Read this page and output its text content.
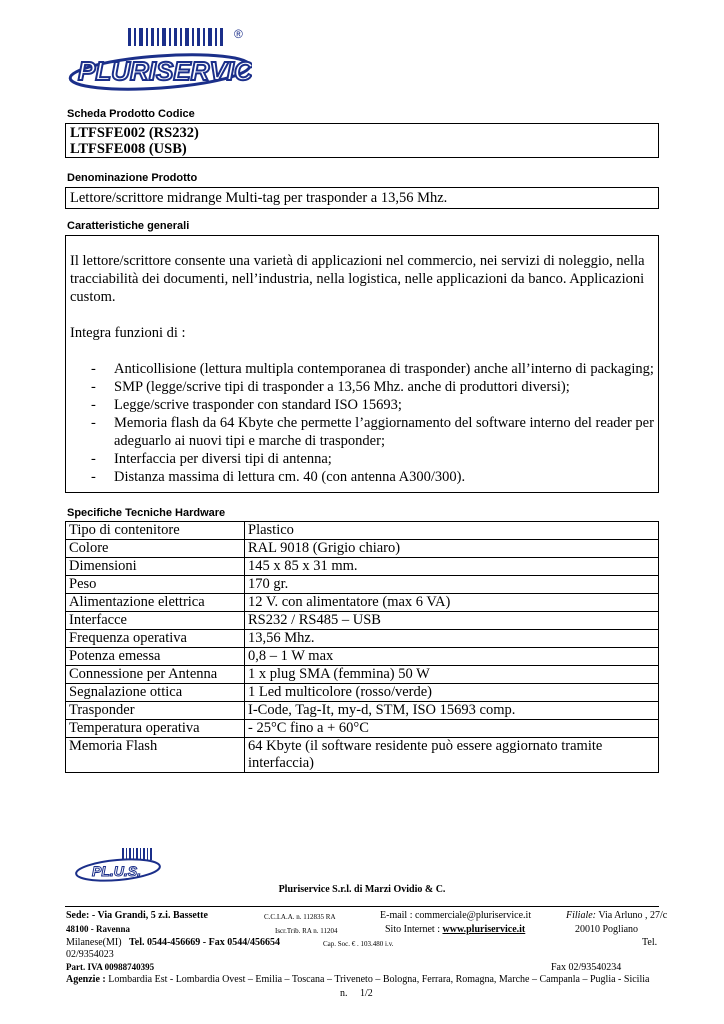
PLURISERVICE
®
Scheda Prodotto Codice
LTFSFE002 (RS232)
LTFSFE008 (USB)
Denominazione Prodotto
Lettore/scrittore midrange Multi-tag per trasponder a 13,56 Mhz.
Caratteristiche generali

Il lettore/scrittore consente una varietà di applicazioni nel commercio, nei servizi di noleggio, nella tracciabilità dei documenti, nell’industria, nella logistica, nelle applicazioni da banco. Applicazioni custom.

Integra funzioni di :

- Anticollisione (lettura multipla contemporanea di trasponder) anche all’interno di packaging;
- SMP (legge/scrive tipi di trasponder a 13,56 Mhz. anche di produttori diversi);
- Legge/scrive trasponder con standard ISO 15693;
- Memoria flash da 64 Kbyte che permette l’aggiornamento del software interno del reader per adeguarlo ai nuovi tipi e marche di trasponder;
- Interfaccia per diversi tipi di antenna;
- Distanza massima di lettura cm. 40 (con antenna A300/300).
Specifiche Tecniche Hardware
Tipo di contenitore	Plastico
Colore	RAL 9018 (Grigio chiaro)
Dimensioni	145 x 85 x 31 mm.
Peso	170 gr.
Alimentazione elettrica	12 V. con alimentatore (max 6 VA)
Interfacce	RS232 / RS485 – USB
Frequenza operativa	13,56 Mhz.
Potenza emessa	0,8 – 1 W max
Connessione per Antenna	1 x plug SMA (femmina) 50 W
Segnalazione ottica	1 Led multicolore (rosso/verde)
Trasponder	I-Code, Tag-It, my-d, STM, ISO 15693 comp.
Temperatura operativa	- 25°C fino a + 60°C
Memoria Flash	64 Kbyte (il software residente può essere aggiornato tramite interfaccia)
PL.U.S.
Pluriservice S.r.l. di Marzi Ovidio & C.
Sede: - Via Grandi, 5 z.i. Bassette	C.C.I.A.A. n. 112835 RA	E-mail : commerciale@pluriservice.it	Filiale: Via Arluno , 27/c
48100 - Ravenna	Iscr.Trib. RA n. 11204	Sito Internet : www.pluriservice.it	20010 Pogliano
Milanese(MI) Tel. 0544-456669 - Fax 0544/456654	Cap. Soc. € . 103.480 i.v.	Tel.
02/9354023
Part. IVA 00988740395	Fax 02/93540234
Agenzie : Lombardia Est - Lombardia Ovest – Emilia – Toscana – Triveneto – Bologna, Ferrara, Romagna, Marche – Campanla – Puglia - Sicilia
n. 1/2
